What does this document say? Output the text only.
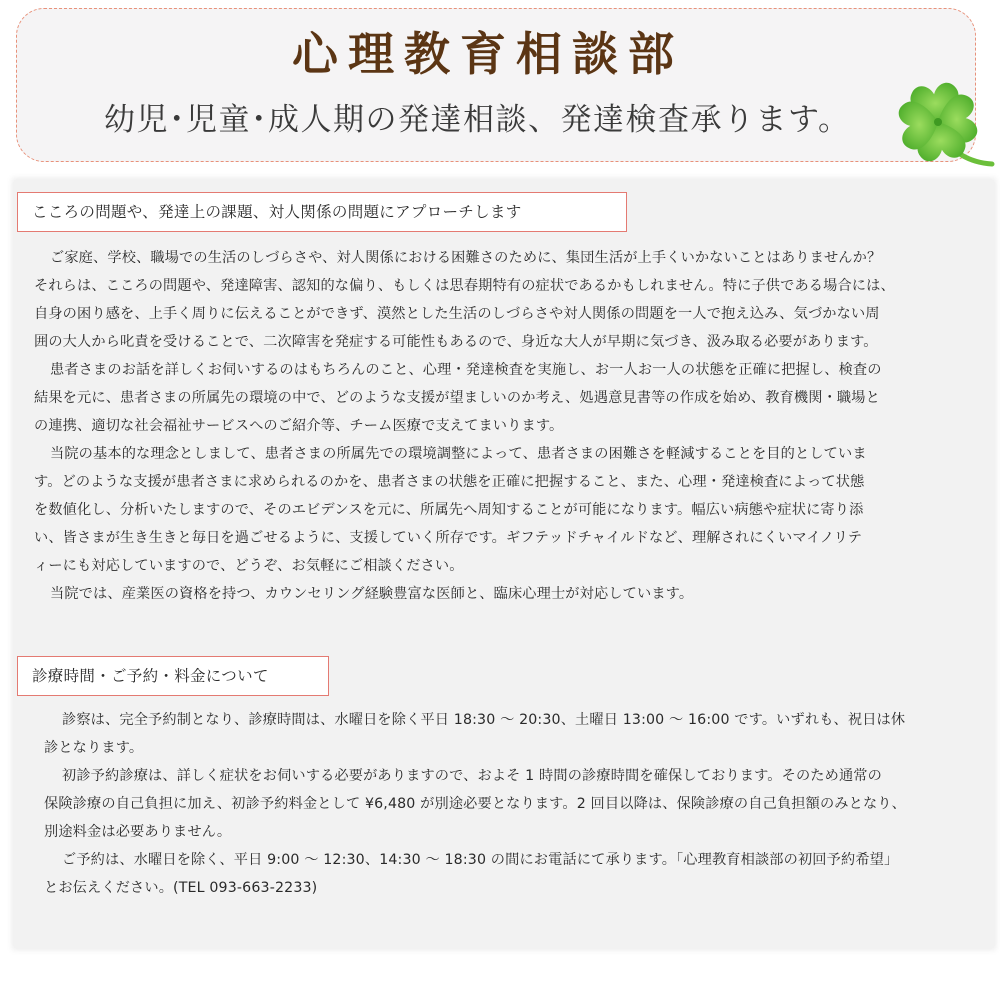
心理教育相談部

幼児･児童･成人期の発達相談、発達検査承ります。

こころの問題や、発達上の課題、対人関係の問題にアプローチします
ご家庭、学校、職場での生活のしづらさや、対人関係における困難さのために、集団生活が上手くいかないことはありませんか？
それらは、こころの問題や、発達障害、認知的な偏り、もしくは思春期特有の症状であるかもしれません。特に子供である場合には、
自身の困り感を、上手く周りに伝えることができず、漠然とした生活のしづらさや対人関係の問題を一人で抱え込み、気づかない周
囲の大人から叱責を受けることで、二次障害を発症する可能性もあるので、身近な大人が早期に気づき、汲み取る必要があります。
患者さまのお話を詳しくお伺いするのはもちろんのこと、心理・発達検査を実施し、お一人お一人の状態を正確に把握し、検査の
結果を元に、患者さまの所属先の環境の中で、どのような支援が望ましいのか考え、処遇意見書等の作成を始め、教育機関・職場と
の連携、適切な社会福祉サービスへのご紹介等、チーム医療で支えてまいります。
当院の基本的な理念としまして、患者さまの所属先での環境調整によって、患者さまの困難さを軽減することを目的としていま
す。どのような支援が患者さまに求められるのかを、患者さまの状態を正確に把握すること、また、心理・発達検査によって状態
を数値化し、分析いたしますので、そのエビデンスを元に、所属先へ周知することが可能になります。幅広い病態や症状に寄り添
い、皆さまが生き生きと毎日を過ごせるように、支援していく所存です。ギフテッドチャイルドなど、理解されにくいマイノリテ
ィーにも対応していますので、どうぞ、お気軽にご相談ください。
当院では、産業医の資格を持つ、カウンセリング経験豊富な医師と、臨床心理士が対応しています。
診療時間・ご予約・料金について
診察は、完全予約制となり、診療時間は、水曜日を除く平日 18:30 ～ 20:30、土曜日 13:00 ～ 16:00 です。いずれも、祝日は休
診となります。
初診予約診療は、詳しく症状をお伺いする必要がありますので、およそ 1 時間の診療時間を確保しております。そのため通常の
保険診療の自己負担に加え、初診予約料金として ¥6,480 が別途必要となります。2 回目以降は、保険診療の自己負担額のみとなり、
別途料金は必要ありません。
ご予約は、水曜日を除く、平日 9:00 ～ 12:30、14:30 ～ 18:30 の間にお電話にて承ります。「心理教育相談部の初回予約希望」
とお伝えください。(TEL 093-663-2233)
